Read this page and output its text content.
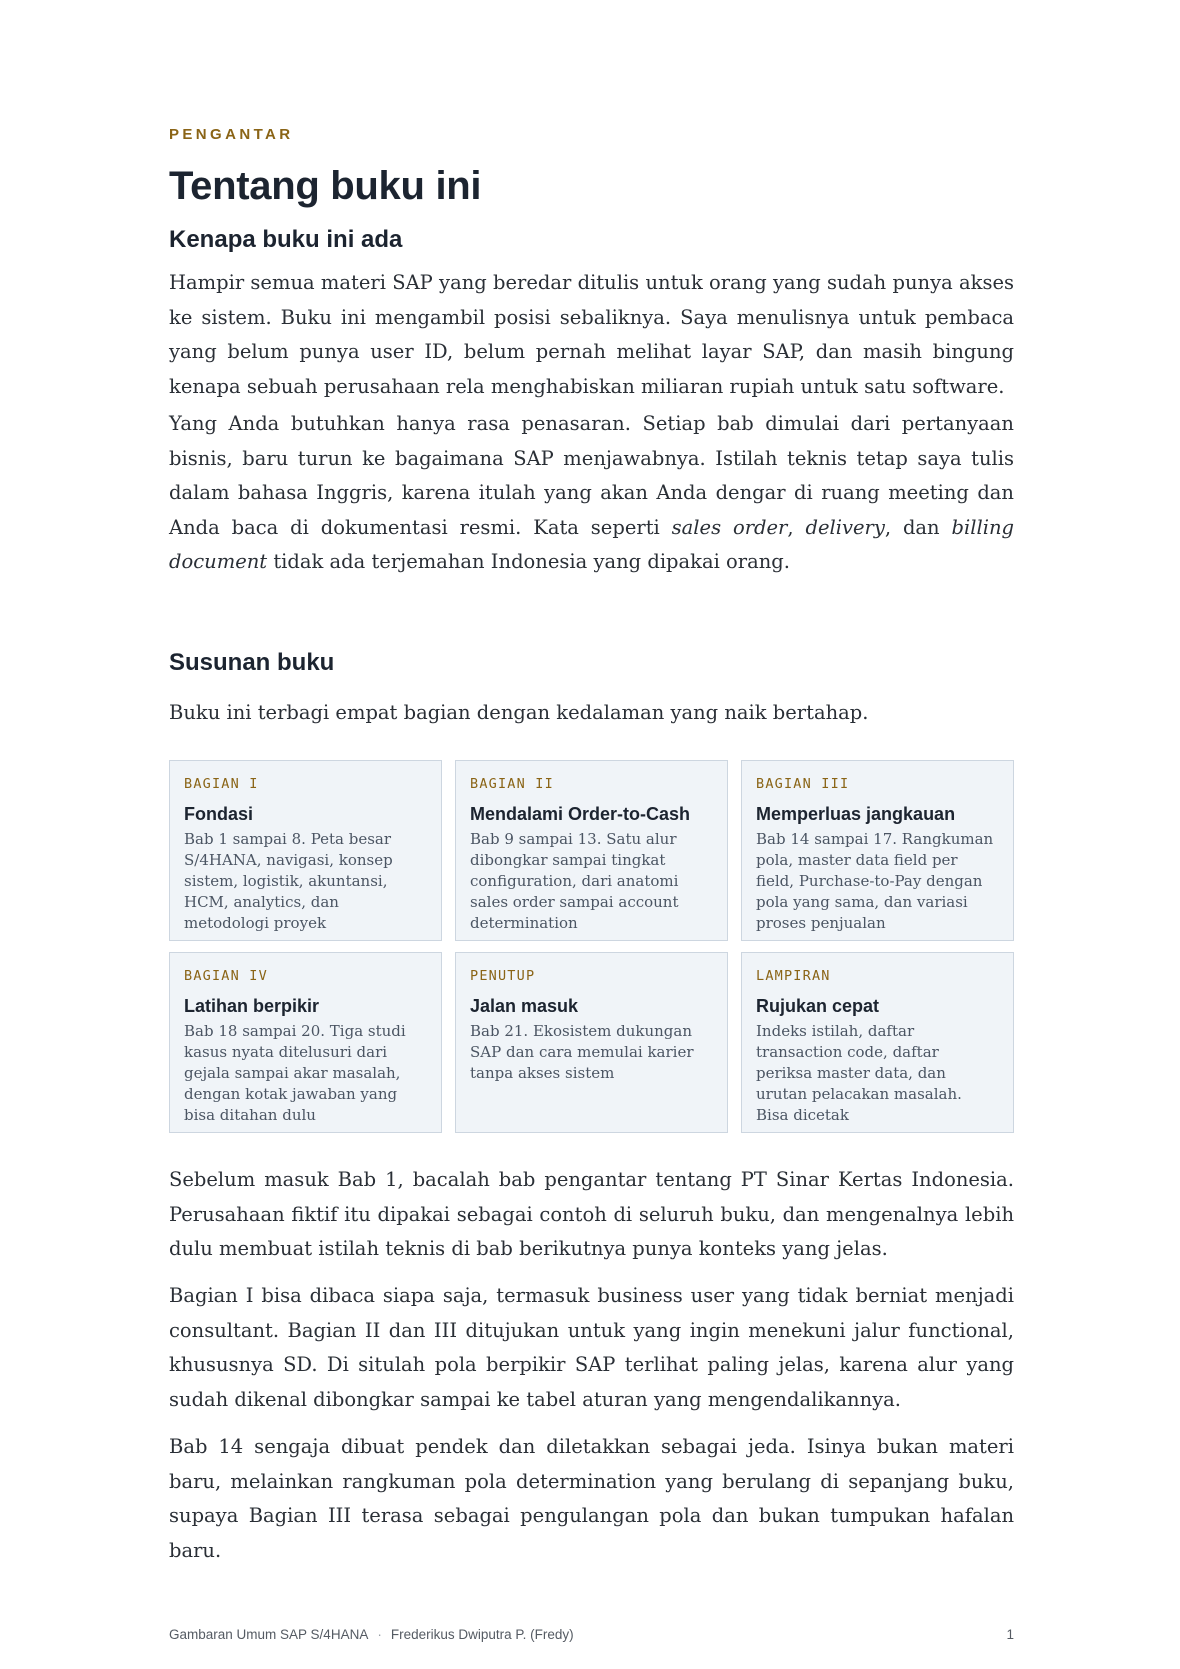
PENGANTAR
Tentang buku ini
Kenapa buku ini ada

Hampir semua materi SAP yang beredar ditulis untuk orang yang sudah punya akses ke sistem. Buku ini mengambil posisi sebaliknya. Saya menulisnya untuk pembaca yang belum punya user ID, belum pernah melihat layar SAP, dan masih bingung kenapa sebuah perusahaan rela menghabiskan miliaran rupiah untuk satu software.

Yang Anda butuhkan hanya rasa penasaran. Setiap bab dimulai dari pertanyaan bisnis, baru turun ke bagaimana SAP menjawabnya. Istilah teknis tetap saya tulis dalam bahasa Inggris, karena itulah yang akan Anda dengar di ruang meeting dan Anda baca di dokumentasi resmi. Kata seperti sales order, delivery, dan billing document tidak ada terjemahan Indonesia yang dipakai orang.

Susunan buku

Buku ini terbagi empat bagian dengan kedalaman yang naik bertahap.

BAGIAN I
Fondasi
Bab 1 sampai 8. Peta besar S/4HANA, navigasi, konsep sistem, logistik, akuntansi, HCM, analytics, dan metodologi proyek
BAGIAN II
Mendalami Order-to-Cash
Bab 9 sampai 13. Satu alur dibongkar sampai tingkat configuration, dari anatomi sales order sampai account determination
BAGIAN III
Memperluas jangkauan
Bab 14 sampai 17. Rangkuman pola, master data field per field, Purchase-to-Pay dengan pola yang sama, dan variasi proses penjualan
BAGIAN IV
Latihan berpikir
Bab 18 sampai 20. Tiga studi kasus nyata ditelusuri dari gejala sampai akar masalah, dengan kotak jawaban yang bisa ditahan dulu
PENUTUP
Jalan masuk
Bab 21. Ekosistem dukungan SAP dan cara memulai karier tanpa akses sistem
LAMPIRAN
Rujukan cepat
Indeks istilah, daftar transaction code, daftar periksa master data, dan urutan pelacakan masalah. Bisa dicetak

Sebelum masuk Bab 1, bacalah bab pengantar tentang PT Sinar Kertas Indonesia. Perusahaan fiktif itu dipakai sebagai contoh di seluruh buku, dan mengenalnya lebih dulu membuat istilah teknis di bab berikutnya punya konteks yang jelas.

Bagian I bisa dibaca siapa saja, termasuk business user yang tidak berniat menjadi consultant. Bagian II dan III ditujukan untuk yang ingin menekuni jalur functional, khususnya SD. Di situlah pola berpikir SAP terlihat paling jelas, karena alur yang sudah dikenal dibongkar sampai ke tabel aturan yang mengendalikannya.

Bab 14 sengaja dibuat pendek dan diletakkan sebagai jeda. Isinya bukan materi baru, melainkan rangkuman pola determination yang berulang di sepanjang buku, supaya Bagian III terasa sebagai pengulangan pola dan bukan tumpukan hafalan baru.

Gambaran Umum SAP S/4HANA · Frederikus Dwiputra P. (Fredy)	1
